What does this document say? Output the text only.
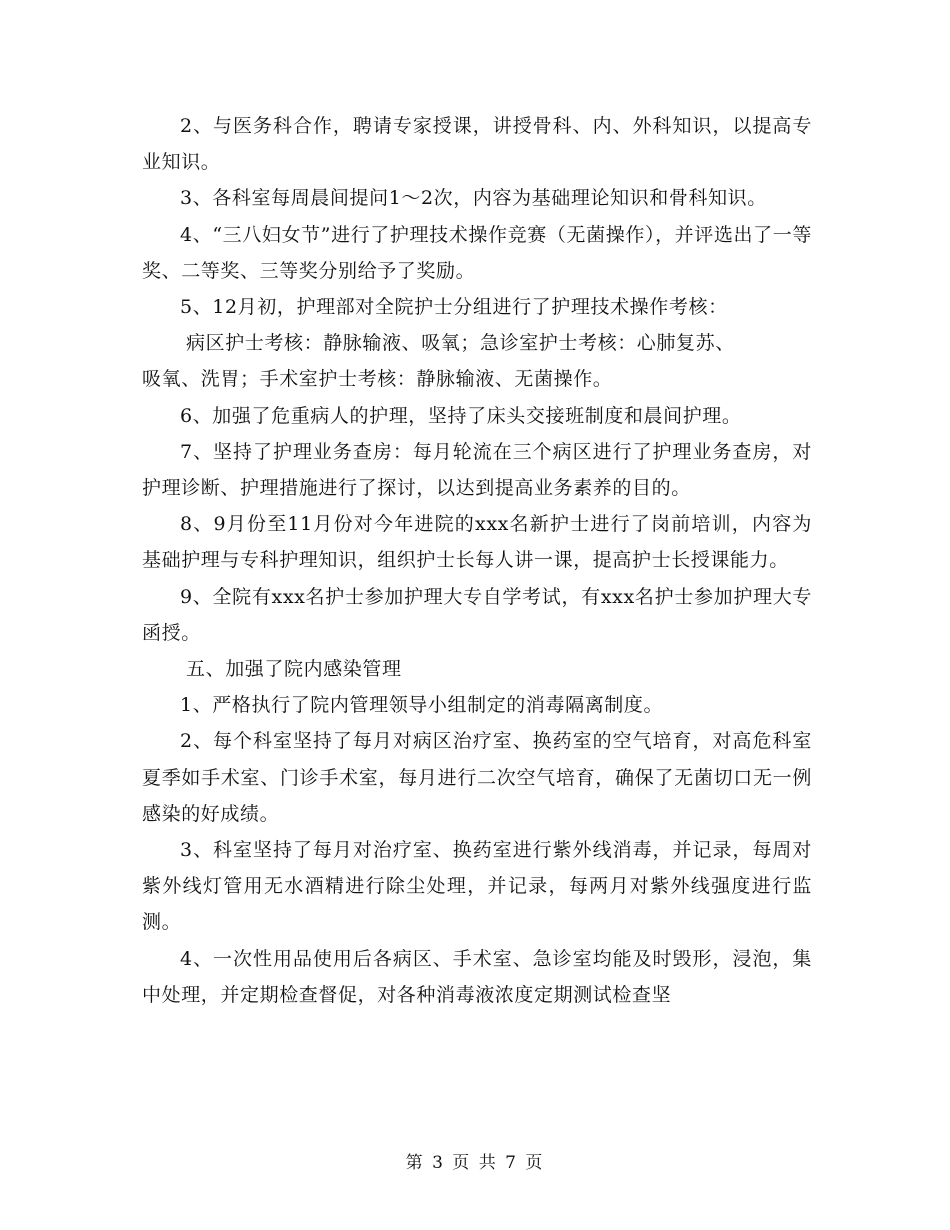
2、与医务科合作，聘请专家授课，讲授骨科、内、外科知识，以提高专业知识。

3、各科室每周晨间提问1～2次，内容为基础理论知识和骨科知识。

4、“三八妇女节”进行了护理技术操作竞赛（无菌操作），并评选出了一等奖、二等奖、三等奖分别给予了奖励。

5、12月初，护理部对全院护士分组进行了护理技术操作考核：

病区护士考核：静脉输液、吸氧；急诊室护士考核：心肺复苏、

吸氧、洗胃；手术室护士考核：静脉输液、无菌操作。

6、加强了危重病人的护理，坚持了床头交接班制度和晨间护理。

7、坚持了护理业务查房：每月轮流在三个病区进行了护理业务查房，对护理诊断、护理措施进行了探讨，以达到提高业务素养的目的。

8、9月份至11月份对今年进院的xxx名新护士进行了岗前培训，内容为基础护理与专科护理知识，组织护士长每人讲一课，提高护士长授课能力。

9、全院有xxx名护士参加护理大专自学考试，有xxx名护士参加护理大专函授。

五、加强了院内感染管理

1、严格执行了院内管理领导小组制定的消毒隔离制度。

2、每个科室坚持了每月对病区治疗室、换药室的空气培育，对高危科室夏季如手术室、门诊手术室，每月进行二次空气培育，确保了无菌切口无一例感染的好成绩。

3、科室坚持了每月对治疗室、换药室进行紫外线消毒，并记录，每周对紫外线灯管用无水酒精进行除尘处理，并记录，每两月对紫外线强度进行监测。

4、一次性用品使用后各病区、手术室、急诊室均能及时毁形，浸泡，集中处理，并定期检查督促，对各种消毒液浓度定期测试检查坚

第 3 页 共 7 页
